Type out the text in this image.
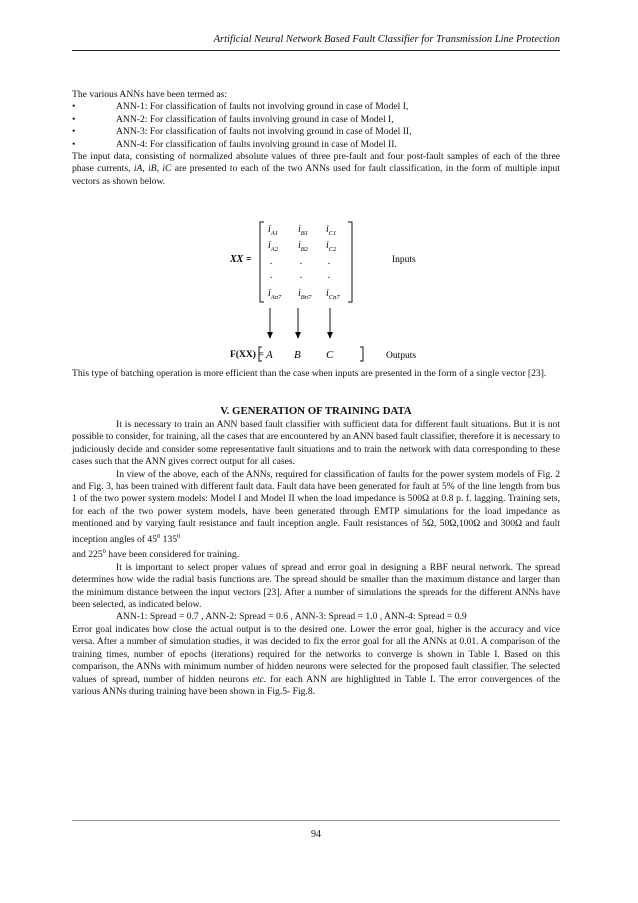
Artificial Neural Network Based Fault Classifier for Transmission Line Protection

The various ANNs have been termed as:

•	ANN-1: For classification of faults not involving ground in case of Model I,

•	ANN-2: For classification of faults involving ground in case of Model I,

•	ANN-3: For classification of faults not involving ground in case of Model II,

•	ANN-4: For classification of faults involving ground in case of Model II.

The input data, consisting of normalized absolute values of three pre-fault and four post-fault samples of each of the three phase currents, iA, iB, iC are presented to each of the two ANNs used for fault classification, in the form of multiple input vectors as shown below.

XX =
$i_{A1}$ $i_{B1}$ $i_{C1}$
$i_{A2}$ $i_{B2}$ $i_{C2}$
.	.	.
.	.	.
$i_{An7}$ $i_{Bn7}$ $i_{Cn7}$
Inputs
F(XX) = A B C	Outputs

This type of batching operation is more efficient than the case when inputs are presented in the form of a single vector [23].

V. GENERATION OF TRAINING DATA

It is necessary to train an ANN based fault classifier with sufficient data for different fault situations. But it is not possible to consider, for training, all the cases that are encountered by an ANN based fault classifier, therefore it is necessary to judiciously decide and consider some representative fault situations and to train the network with data corresponding to these cases such that the ANN gives correct output for all cases.

In view of the above, each of the ANNs, required for classification of faults for the power system models of Fig. 2 and Fig. 3, has been trained with different fault data. Fault data have been generated for fault at 5% of the line length from bus 1 of the two power system models: Model I and Model II when the load impedance is 500Ω at 0.8 p. f. lagging. Training sets, for each of the two power system models, have been generated through EMTP simulations for the load impedance as mentioned and by varying fault resistance and fault inception angle. Fault resistances of 5Ω, 50Ω,100Ω and 300Ω and fault inception angles of $45^0$ $135^0$

and $225^0$ have been considered for training.

It is important to select proper values of spread and error goal in designing a RBF neural network. The spread determines how wide the radial basis functions are. The spread should be smaller than the maximum distance and larger than the minimum distance between the input vectors [23]. After a number of simulations the spreads for the different ANNs have been selected, as indicated below.

ANN-1: Spread = 0.7 , ANN-2: Spread = 0.6 , ANN-3: Spread = 1.0 , ANN-4: Spread = 0.9

Error goal indicates how close the actual output is to the desired one. Lower the error goal, higher is the accuracy and vice versa. After a number of simulation studies, it was decided to fix the error goal for all the ANNs at 0.01. A comparison of the training times, number of epochs (iterations) required for the networks to converge is shown in Table I. Based on this comparison, the ANNs with minimum number of hidden neurons were selected for the proposed fault classifier. The selected values of spread, number of hidden neurons etc. for each ANN are highlighted in Table I. The error convergences of the various ANNs during training have been shown in Fig.5- Fig.8.

94
